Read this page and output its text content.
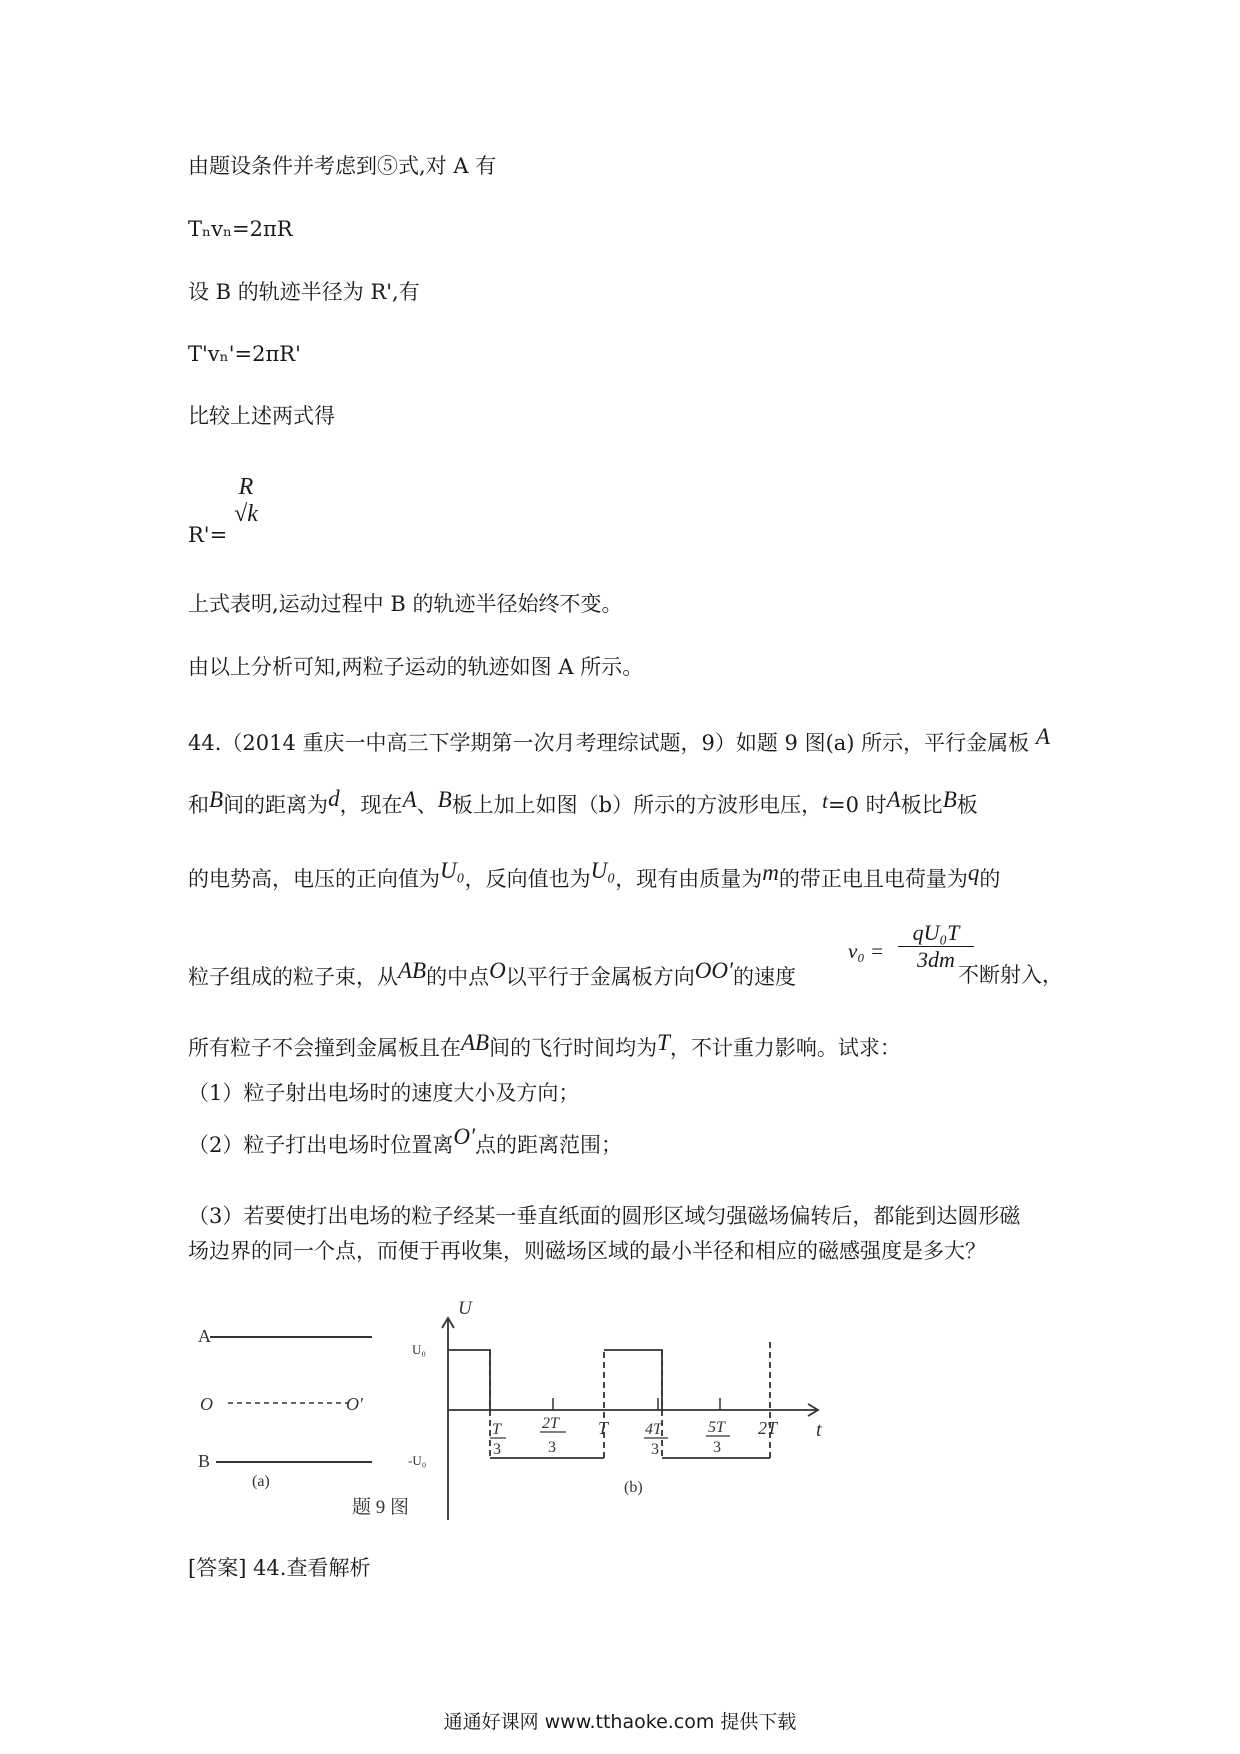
由题设条件并考虑到⑤式,对 A 有
Tₙvₙ=2πR
设 B 的轨迹半径为 R',有
T'vₙ'=2πR'
比较上述两式得
R'=
R
√k
上式表明,运动过程中 B 的轨迹半径始终不变。
由以上分析可知,两粒子运动的轨迹如图 A 所示。
44.（2014 重庆一中高三下学期第一次月考理综试题，9）如题 9 图(a) 所示，平行金属板 A
和B间的距离为d，现在A、B板上加上如图（b）所示的方波形电压，t=0 时A板比B板
的电势高，电压的正向值为U₀，反向值也为U₀，现有由质量为m的带正电且电荷量为q的
粒子组成的粒子束，从AB的中点O以平行于金属板方向OO′的速度
v₀ =
qU₀T
3dm
不断射入，
所有粒子不会撞到金属板且在AB间的飞行时间均为T，不计重力影响。试求：
（1）粒子射出电场时的速度大小及方向；
（2）粒子打出电场时位置离O′点的距离范围；
（3）若要使打出电场的粒子经某一垂直纸面的圆形区域匀强磁场偏转后，都能到达圆形磁
场边界的同一个点，而便于再收集，则磁场区域的最小半径和相应的磁感强度是多大？
A
O	O′
B
(a)
题 9 图
U
t
U₀
-U₀
T
3
2T
3
T 4T
3
5T
3
2T
(b)
[答案] 44.查看解析
通通好课网 www.tthaoke.com 提供下载
